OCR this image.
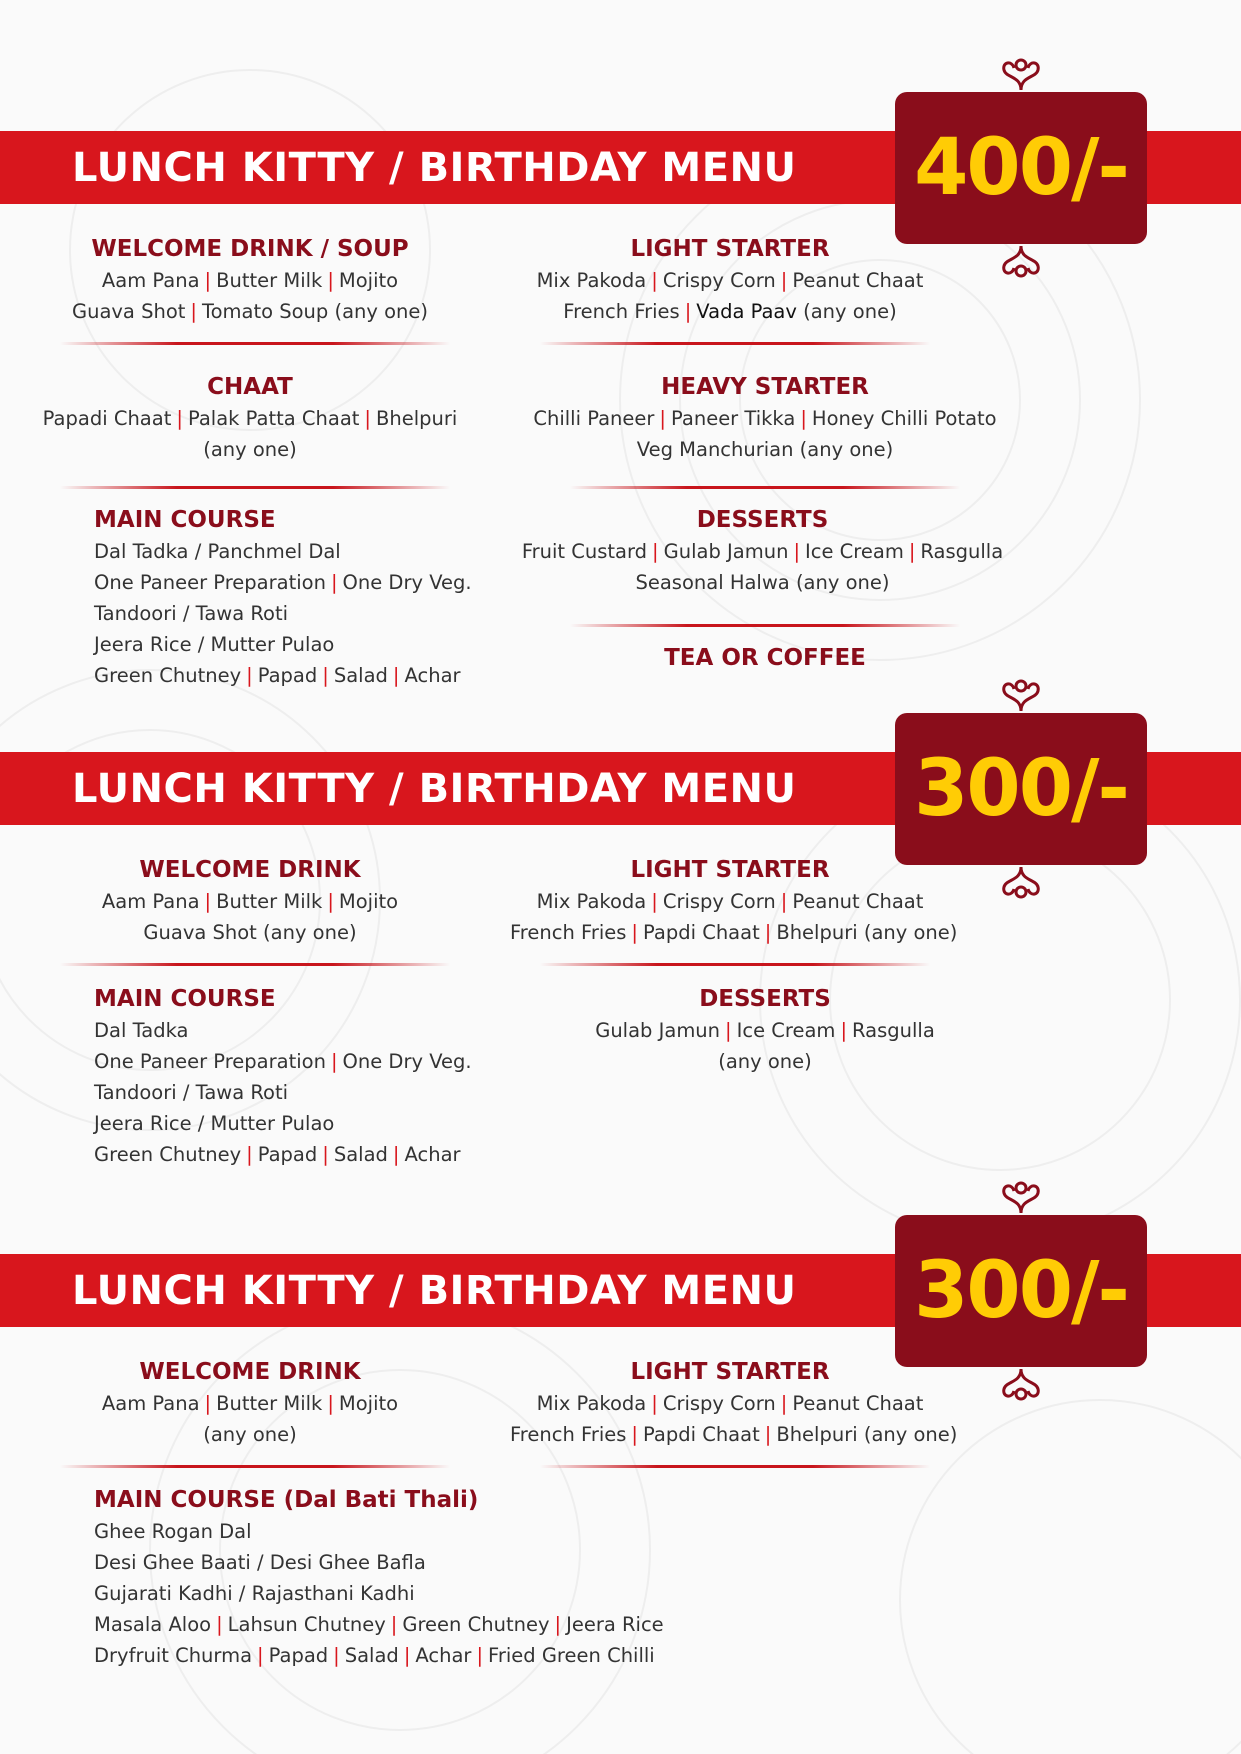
LUNCH KITTY / BIRTHDAY MENU 400/-
WELCOME DRINK / SOUP
Aam Pana | Butter Milk | Mojito
Guava Shot | Tomato Soup (any one)
LIGHT STARTER
Mix Pakoda | Crispy Corn | Peanut Chaat
French Fries | Vada Paav (any one)
CHAAT
Papadi Chaat | Palak Patta Chaat | Bhelpuri
(any one)
HEAVY STARTER
Chilli Paneer | Paneer Tikka | Honey Chilli Potato
Veg Manchurian (any one)
MAIN COURSE
Dal Tadka / Panchmel Dal
One Paneer Preparation | One Dry Veg.
Tandoori / Tawa Roti
Jeera Rice / Mutter Pulao
Green Chutney | Papad | Salad | Achar
DESSERTS
Fruit Custard | Gulab Jamun | Ice Cream | Rasgulla
Seasonal Halwa (any one)
TEA OR COFFEE
LUNCH KITTY / BIRTHDAY MENU 300/-
WELCOME DRINK
Aam Pana | Butter Milk | Mojito
Guava Shot (any one)
LIGHT STARTER
Mix Pakoda | Crispy Corn | Peanut Chaat
French Fries | Papdi Chaat | Bhelpuri (any one)
MAIN COURSE
Dal Tadka
One Paneer Preparation | One Dry Veg.
Tandoori / Tawa Roti
Jeera Rice / Mutter Pulao
Green Chutney | Papad | Salad | Achar
DESSERTS
Gulab Jamun | Ice Cream | Rasgulla
(any one)
LUNCH KITTY / BIRTHDAY MENU 300/-
WELCOME DRINK
Aam Pana | Butter Milk | Mojito
(any one)
LIGHT STARTER
Mix Pakoda | Crispy Corn | Peanut Chaat
French Fries | Papdi Chaat | Bhelpuri (any one)
MAIN COURSE (Dal Bati Thali)
Ghee Rogan Dal
Desi Ghee Baati / Desi Ghee Bafla
Gujarati Kadhi / Rajasthani Kadhi
Masala Aloo | Lahsun Chutney | Green Chutney | Jeera Rice
Dryfruit Churma | Papad | Salad | Achar | Fried Green Chilli
